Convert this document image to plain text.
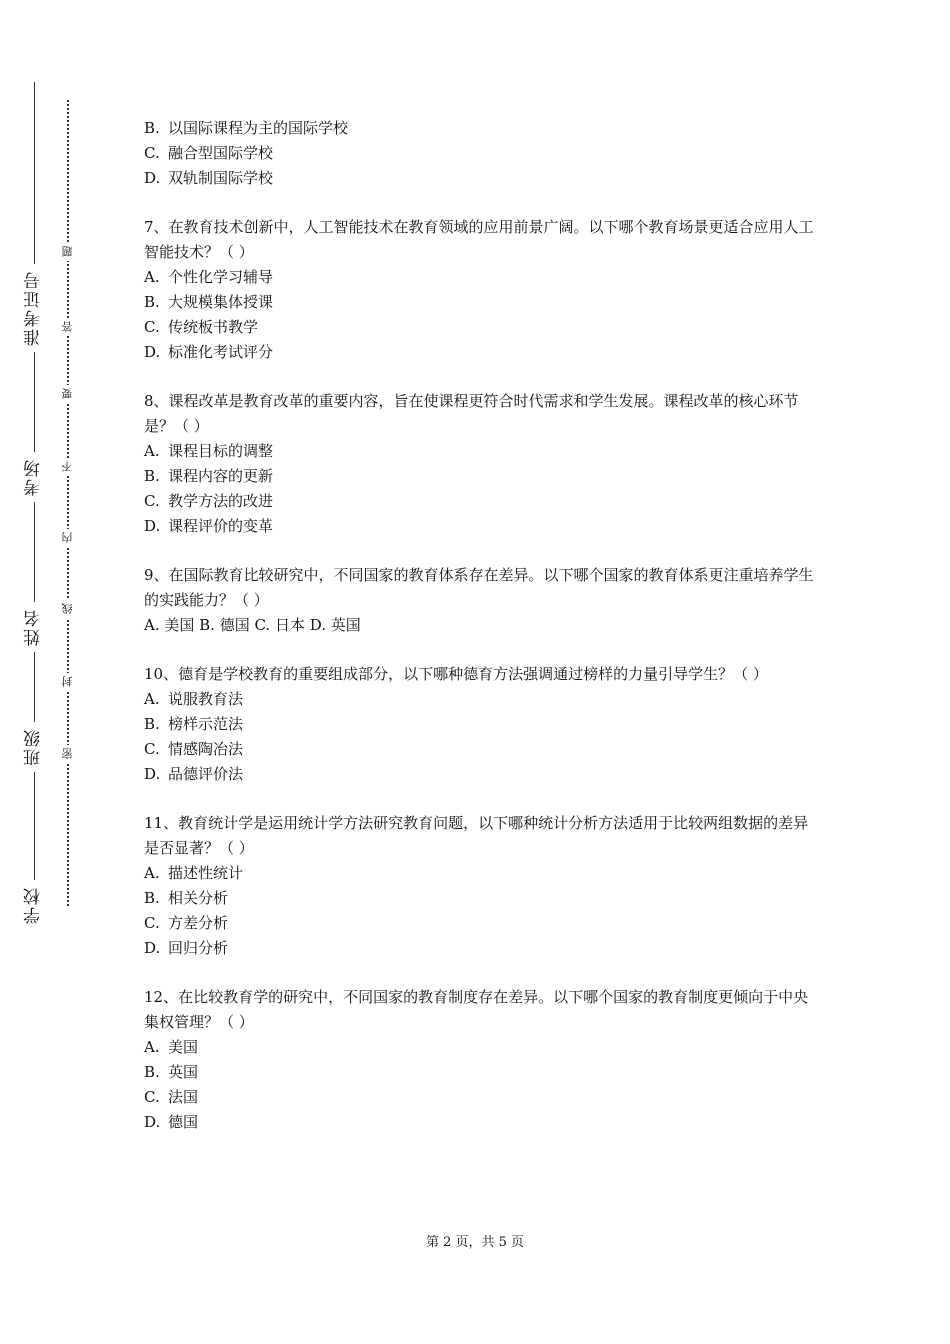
准考证号
考场
姓名
班级
学校
题
答
要
不
内
线
封
密

B. 以国际课程为主的国际学校

C. 融合型国际学校

D. 双轨制国际学校

7、在教育技术创新中，人工智能技术在教育领域的应用前景广阔。以下哪个教育场景更适合应用人工智能技术？（ ）

A. 个性化学习辅导

B. 大规模集体授课

C. 传统板书教学

D. 标准化考试评分

8、课程改革是教育改革的重要内容，旨在使课程更符合时代需求和学生发展。课程改革的核心环节是？（ ）

A. 课程目标的调整

B. 课程内容的更新

C. 教学方法的改进

D. 课程评价的变革

9、在国际教育比较研究中，不同国家的教育体系存在差异。以下哪个国家的教育体系更注重培养学生的实践能力？（ ）

A. 美国 B. 德国 C. 日本 D. 英国

10、德育是学校教育的重要组成部分，以下哪种德育方法强调通过榜样的力量引导学生？（ ）

A. 说服教育法

B. 榜样示范法

C. 情感陶冶法

D. 品德评价法

11、教育统计学是运用统计学方法研究教育问题，以下哪种统计分析方法适用于比较两组数据的差异是否显著？（ ）

A. 描述性统计

B. 相关分析

C. 方差分析

D. 回归分析

12、在比较教育学的研究中，不同国家的教育制度存在差异。以下哪个国家的教育制度更倾向于中央集权管理？（ ）

A. 美国

B. 英国

C. 法国

D. 德国

第 2 页，共 5 页
